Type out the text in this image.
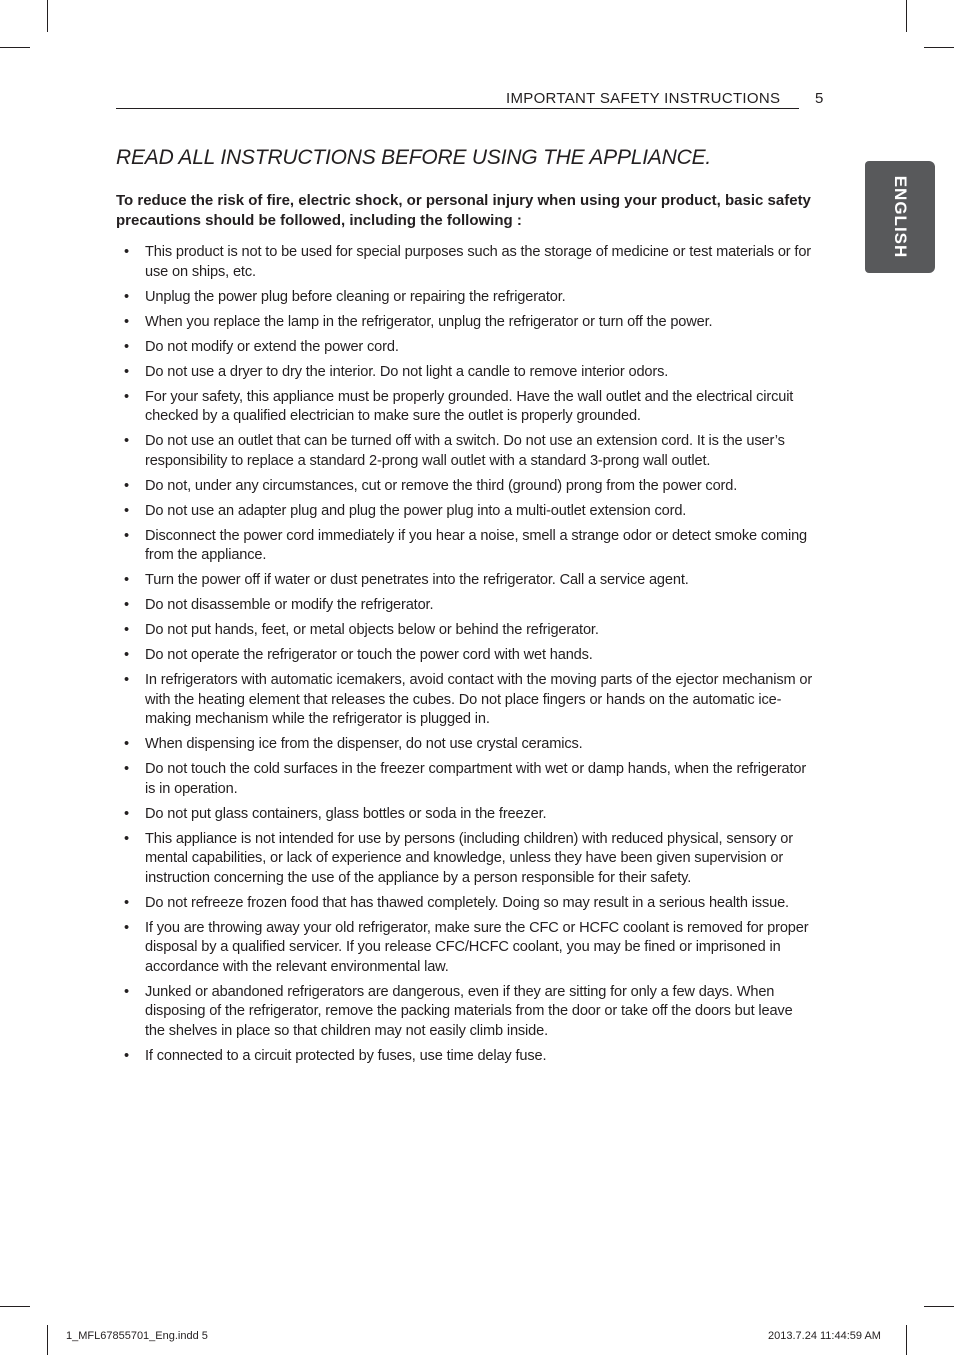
IMPORTANT SAFETY INSTRUCTIONS 5
ENGLISH
READ ALL INSTRUCTIONS BEFORE USING THE APPLIANCE.

To reduce the risk of fire, electric shock, or personal injury when using your product, basic safety precautions should be followed, including the following :

• This product is not to be used for special purposes such as the storage of medicine or test materials or for use on ships, etc.
• Unplug the power plug before cleaning or repairing the refrigerator.
• When you replace the lamp in the refrigerator, unplug the refrigerator or turn off the power.
• Do not modify or extend the power cord.
• Do not use a dryer to dry the interior. Do not light a candle to remove interior odors.
• For your safety, this appliance must be properly grounded. Have the wall outlet and the electrical circuit checked by a qualified electrician to make sure the outlet is properly grounded.
• Do not use an outlet that can be turned off with a switch. Do not use an extension cord. It is the user’s responsibility to replace a standard 2-prong wall outlet with a standard 3-prong wall outlet.
• Do not, under any circumstances, cut or remove the third (ground) prong from the power cord.
• Do not use an adapter plug and plug the power plug into a multi-outlet extension cord.
• Disconnect the power cord immediately if you hear a noise, smell a strange odor or detect smoke coming from the appliance.
• Turn the power off if water or dust penetrates into the refrigerator. Call a service agent.
• Do not disassemble or modify the refrigerator.
• Do not put hands, feet, or metal objects below or behind the refrigerator.
• Do not operate the refrigerator or touch the power cord with wet hands.
• In refrigerators with automatic icemakers, avoid contact with the moving parts of the ejector mechanism or with the heating element that releases the cubes. Do not place fingers or hands on the automatic ice-making mechanism while the refrigerator is plugged in.
• When dispensing ice from the dispenser, do not use crystal ceramics.
• Do not touch the cold surfaces in the freezer compartment with wet or damp hands, when the refrigerator is in operation.
• Do not put glass containers, glass bottles or soda in the freezer.
• This appliance is not intended for use by persons (including children) with reduced physical, sensory or mental capabilities, or lack of experience and knowledge, unless they have been given supervision or instruction concerning the use of the appliance by a person responsible for their safety.
• Do not refreeze frozen food that has thawed completely. Doing so may result in a serious health issue.
• If you are throwing away your old refrigerator, make sure the CFC or HCFC coolant is removed for proper disposal by a qualified servicer. If you release CFC/HCFC coolant, you may be fined or imprisoned in accordance with the relevant environmental law.
• Junked or abandoned refrigerators are dangerous, even if they are sitting for only a few days. When disposing of the refrigerator, remove the packing materials from the door or take off the doors but leave the shelves in place so that children may not easily climb inside.
• If connected to a circuit protected by fuses, use time delay fuse.
1_MFL67855701_Eng.indd 5	2013.7.24 11:44:59 AM
